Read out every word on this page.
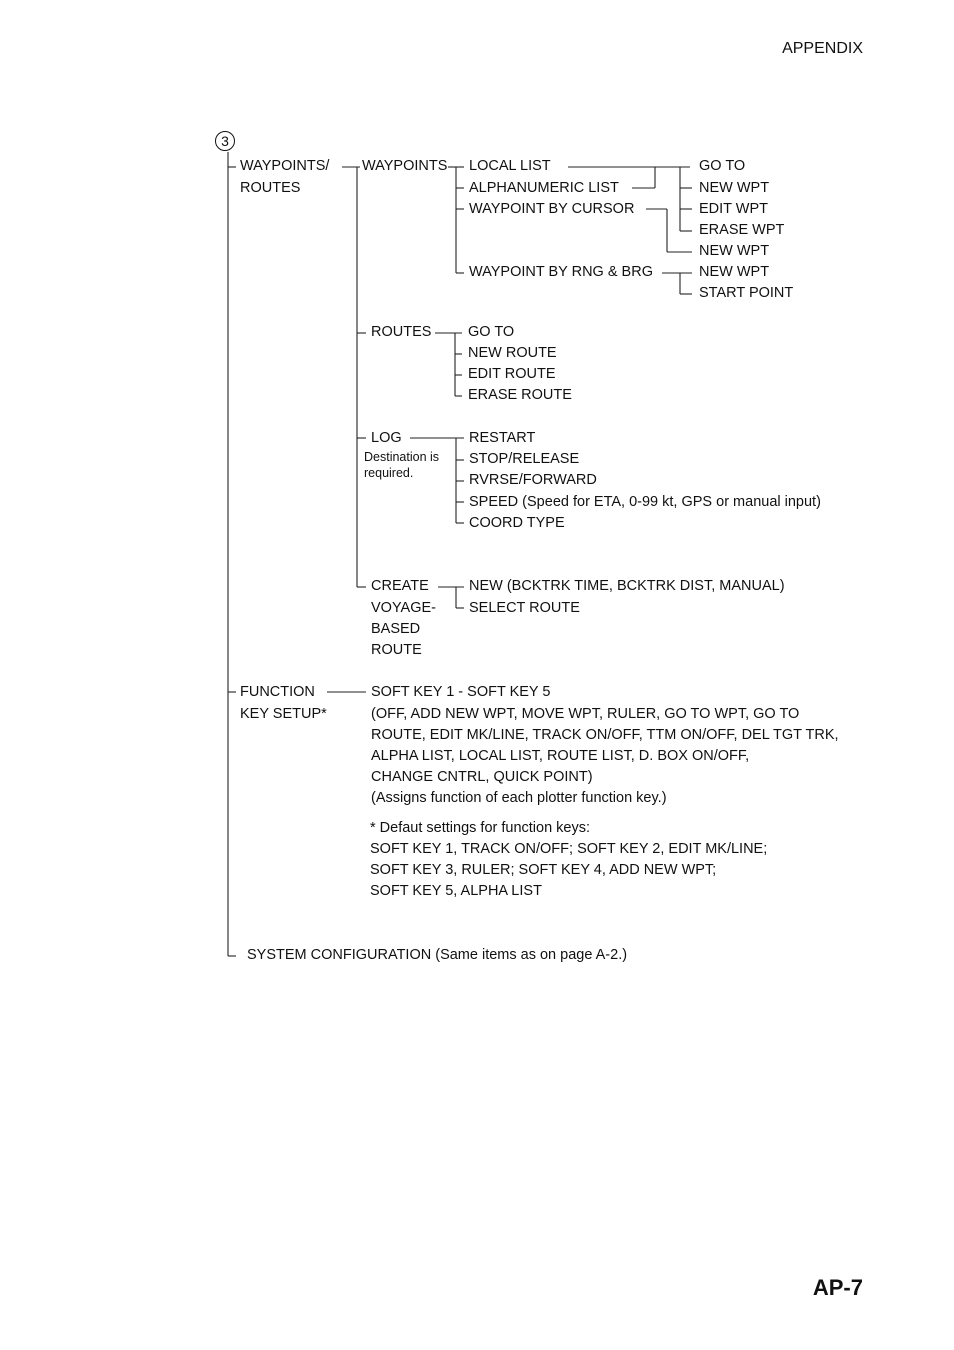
APPENDIX
AP-7
3
WAYPOINTS/
ROUTES
WAYPOINTS LOCAL LIST
ALPHANUMERIC LIST
WAYPOINT BY CURSOR
WAYPOINT BY RNG & BRG
GO TO
NEW WPT
EDIT WPT
ERASE WPT
NEW WPT
NEW WPT
START POINT
ROUTES	GO TO
NEW ROUTE
EDIT ROUTE
ERASE ROUTE
LOG
Destination is
required.
RESTART
STOP/RELEASE
RVRSE/FORWARD
SPEED (Speed for ETA, 0-99 kt, GPS or manual input)
COORD TYPE
CREATE
VOYAGE-
BASED
ROUTE
NEW (BCKTRK TIME, BCKTRK DIST, MANUAL)
SELECT ROUTE
FUNCTION
KEY SETUP*
SOFT KEY 1 - SOFT KEY 5
(OFF, ADD NEW WPT, MOVE WPT, RULER, GO TO WPT, GO TO
ROUTE, EDIT MK/LINE, TRACK ON/OFF, TTM ON/OFF, DEL TGT TRK,
ALPHA LIST, LOCAL LIST, ROUTE LIST, D. BOX ON/OFF,
CHANGE CNTRL, QUICK POINT)
(Assigns function of each plotter function key.)
* Defaut settings for function keys:
SOFT KEY 1, TRACK ON/OFF; SOFT KEY 2, EDIT MK/LINE;
SOFT KEY 3, RULER; SOFT KEY 4, ADD NEW WPT;
SOFT KEY 5, ALPHA LIST
SYSTEM CONFIGURATION (Same items as on page A-2.)
